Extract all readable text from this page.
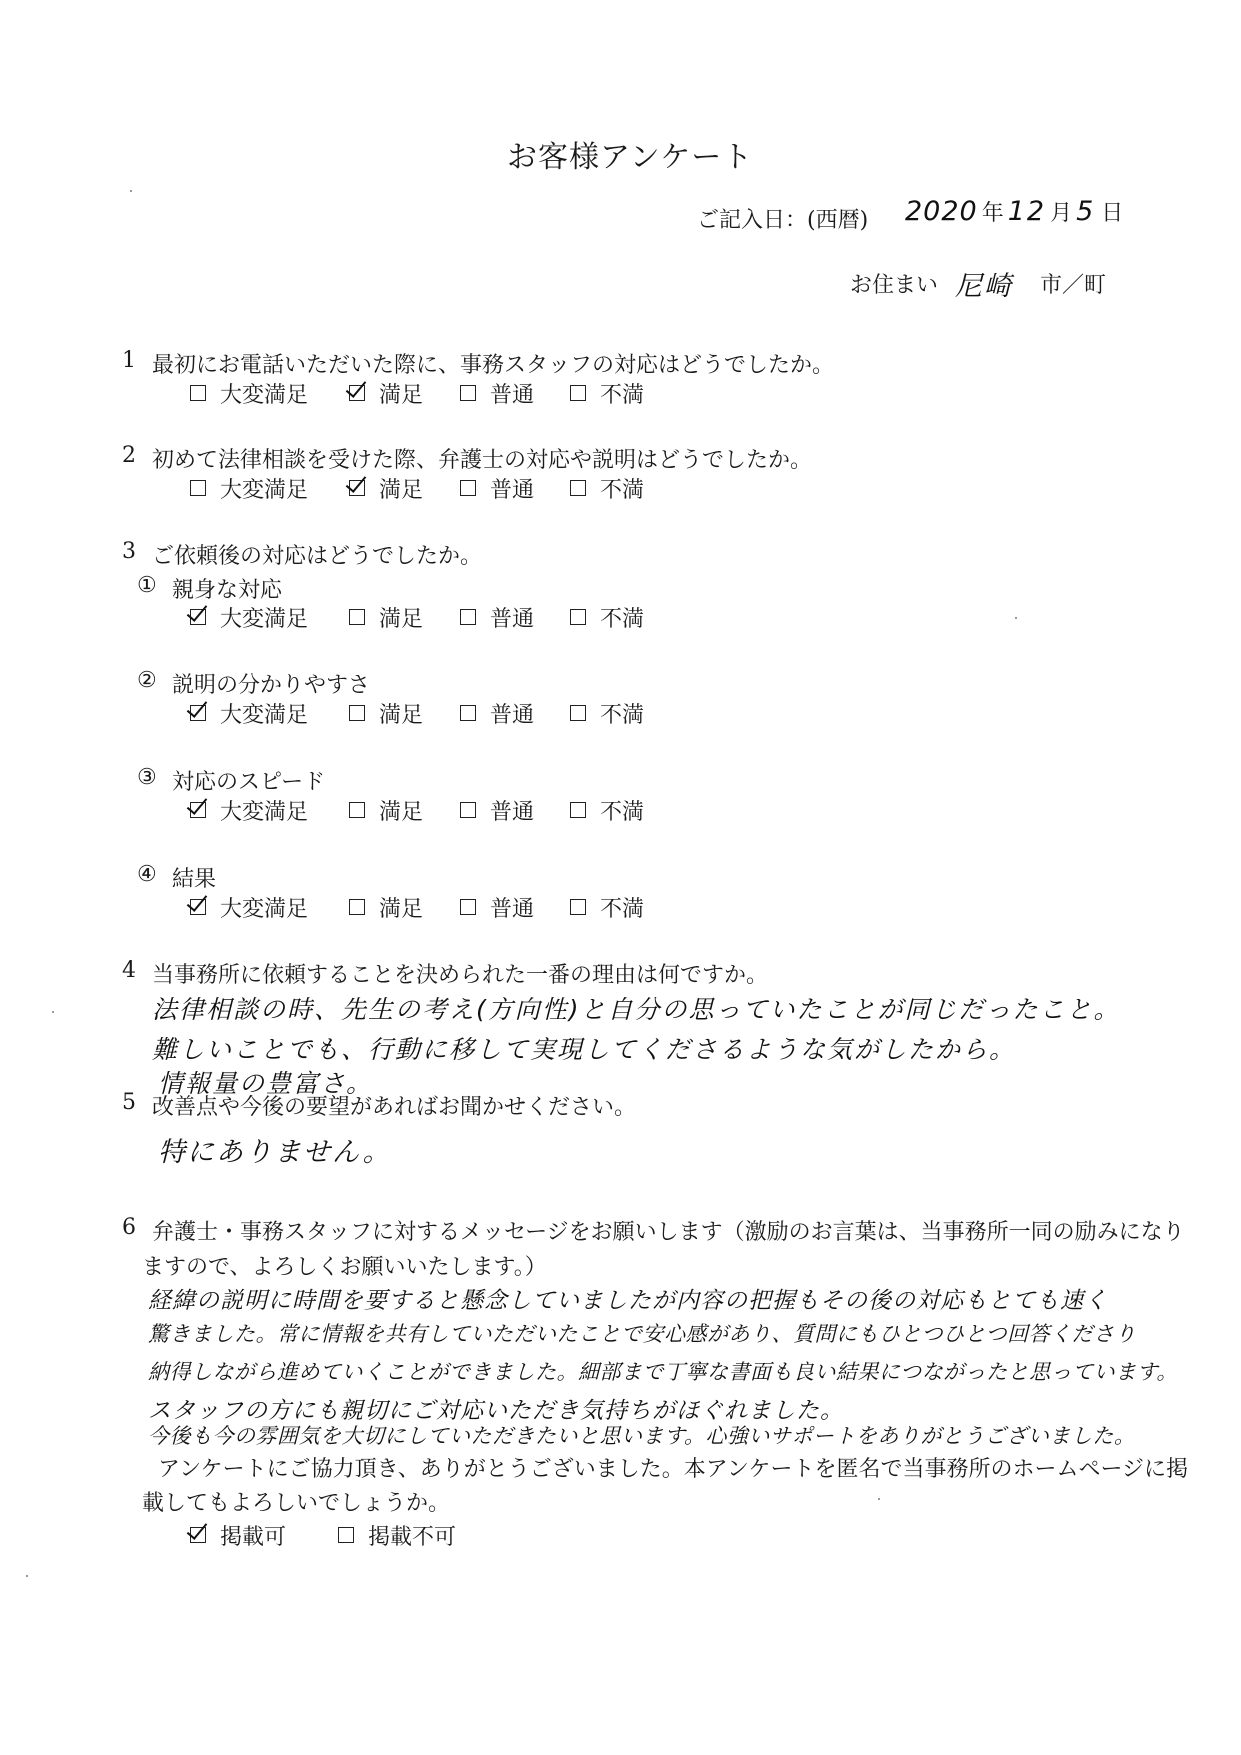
お客様アンケート
ご記入日：(西暦) 2020 年 12 月 5 日
お住まい 尼崎 市／町
1 最初にお電話いただいた際に、事務スタッフの対応はどうでしたか。
大変満足	満足	普通	不満
2 初めて法律相談を受けた際、弁護士の対応や説明はどうでしたか。
大変満足	満足	普通	不満
3 ご依頼後の対応はどうでしたか。
① 親身な対応
大変満足	満足	普通	不満
② 説明の分かりやすさ
大変満足	満足	普通	不満
③ 対応のスピード
大変満足	満足	普通	不満
④ 結果
大変満足	満足	普通	不満
4 当事務所に依頼することを決められた一番の理由は何ですか。
法律相談の時、先生の考え(方向性)と自分の思っていたことが同じだったこと。
難しいことでも、行動に移して実現してくださるような気がしたから。
情報量の豊富さ。
5 改善点や今後の要望があればお聞かせください。
特にありません。
6 弁護士・事務スタッフに対するメッセージをお願いします（激励のお言葉は、当事務所一同の励みになり
ますので、よろしくお願いいたします。）
経緯の説明に時間を要すると懸念していましたが内容の把握もその後の対応もとても速く
驚きました。常に情報を共有していただいたことで安心感があり、質問にもひとつひとつ回答くださり
納得しながら進めていくことができました。細部まで丁寧な書面も良い結果につながったと思っています。
スタッフの方にも親切にご対応いただき気持ちがほぐれました。
今後も今の雰囲気を大切にしていただきたいと思います。心強いサポートをありがとうございました。
アンケートにご協力頂き、ありがとうございました。本アンケートを匿名で当事務所のホームページに掲
載してもよろしいでしょうか。
掲載可	掲載不可
